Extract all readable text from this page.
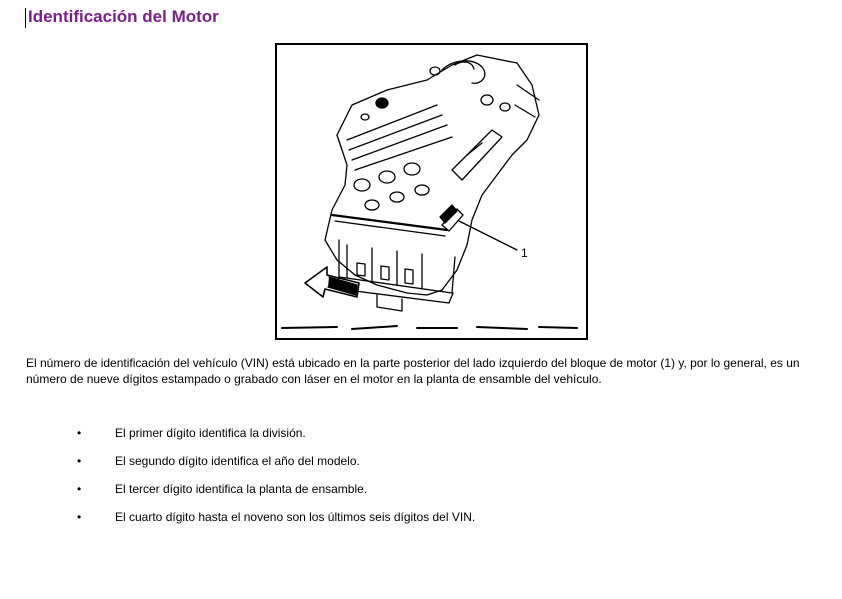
Identificación del Motor
1

El número de identificación del vehículo (VIN) está ubicado en la parte posterior del lado izquierdo del bloque de motor (1) y, por lo general, es un número de nueve dígitos estampado o grabado con láser en el motor en la planta de ensamble del vehículo.

•	El primer dígito identifica la división.
•	El segundo dígito identifica el año del modelo.
•	El tercer dígito identifica la planta de ensamble.
•	El cuarto dígito hasta el noveno son los últimos seis dígitos del VIN.
